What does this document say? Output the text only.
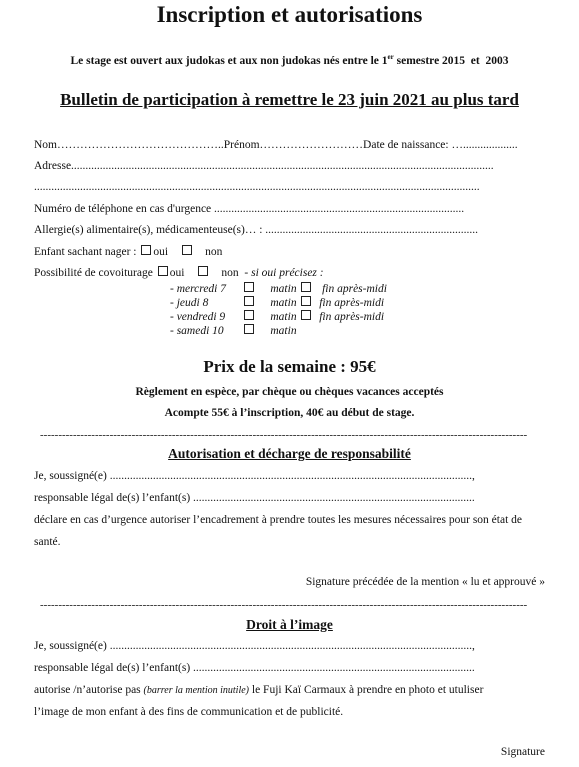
Inscription et autorisations
Le stage est ouvert aux judokas et aux non judokas nés entre le 1er semestre 2015  et  2003
Bulletin de participation à remettre le 23 juin 2021 au plus tard
Nom……………………………………..Prénom………………………Date de naissance: …...................
Adresse...................................................................................................................................................
...........................................................................................................................................................
Numéro de téléphone en cas d'urgence .......................................................................................
Allergie(s) alimentaire(s), médicamenteuse(s)… : ..........................................................................
Enfant sachant nager : oui	non
Possibilité de covoiturage oui	non - si oui précisez :
- mercredi 7	matin fin après-midi
- jeudi 8	matin fin après-midi
- vendredi 9	matin fin après-midi
- samedi 10	matin
Prix de la semaine : 95€
Règlement en espèce, par chèque ou chèques vacances acceptés
Acompte 55€ à l’inscription, 40€ au début de stage.
-------------------------------------------------------------------------------------------------------------------------------------
Autorisation et décharge de responsabilité
Je, soussigné(e) ..............................................................................................................................,
responsable légal de(s) l’enfant(s) ..................................................................................................
déclare en cas d’urgence autoriser l’encadrement à prendre toutes les mesures nécessaires pour son état de
santé.
Signature précédée de la mention « lu et approuvé »
-------------------------------------------------------------------------------------------------------------------------------------
Droit à l’image
Je, soussigné(e) ..............................................................................................................................,
responsable légal de(s) l’enfant(s) ..................................................................................................
autorise /n’autorise pas (barrer la mention inutile) le Fuji Kaï Carmaux à prendre en photo et utuliser
l’image de mon enfant à des fins de communication et de publicité.
Signature
